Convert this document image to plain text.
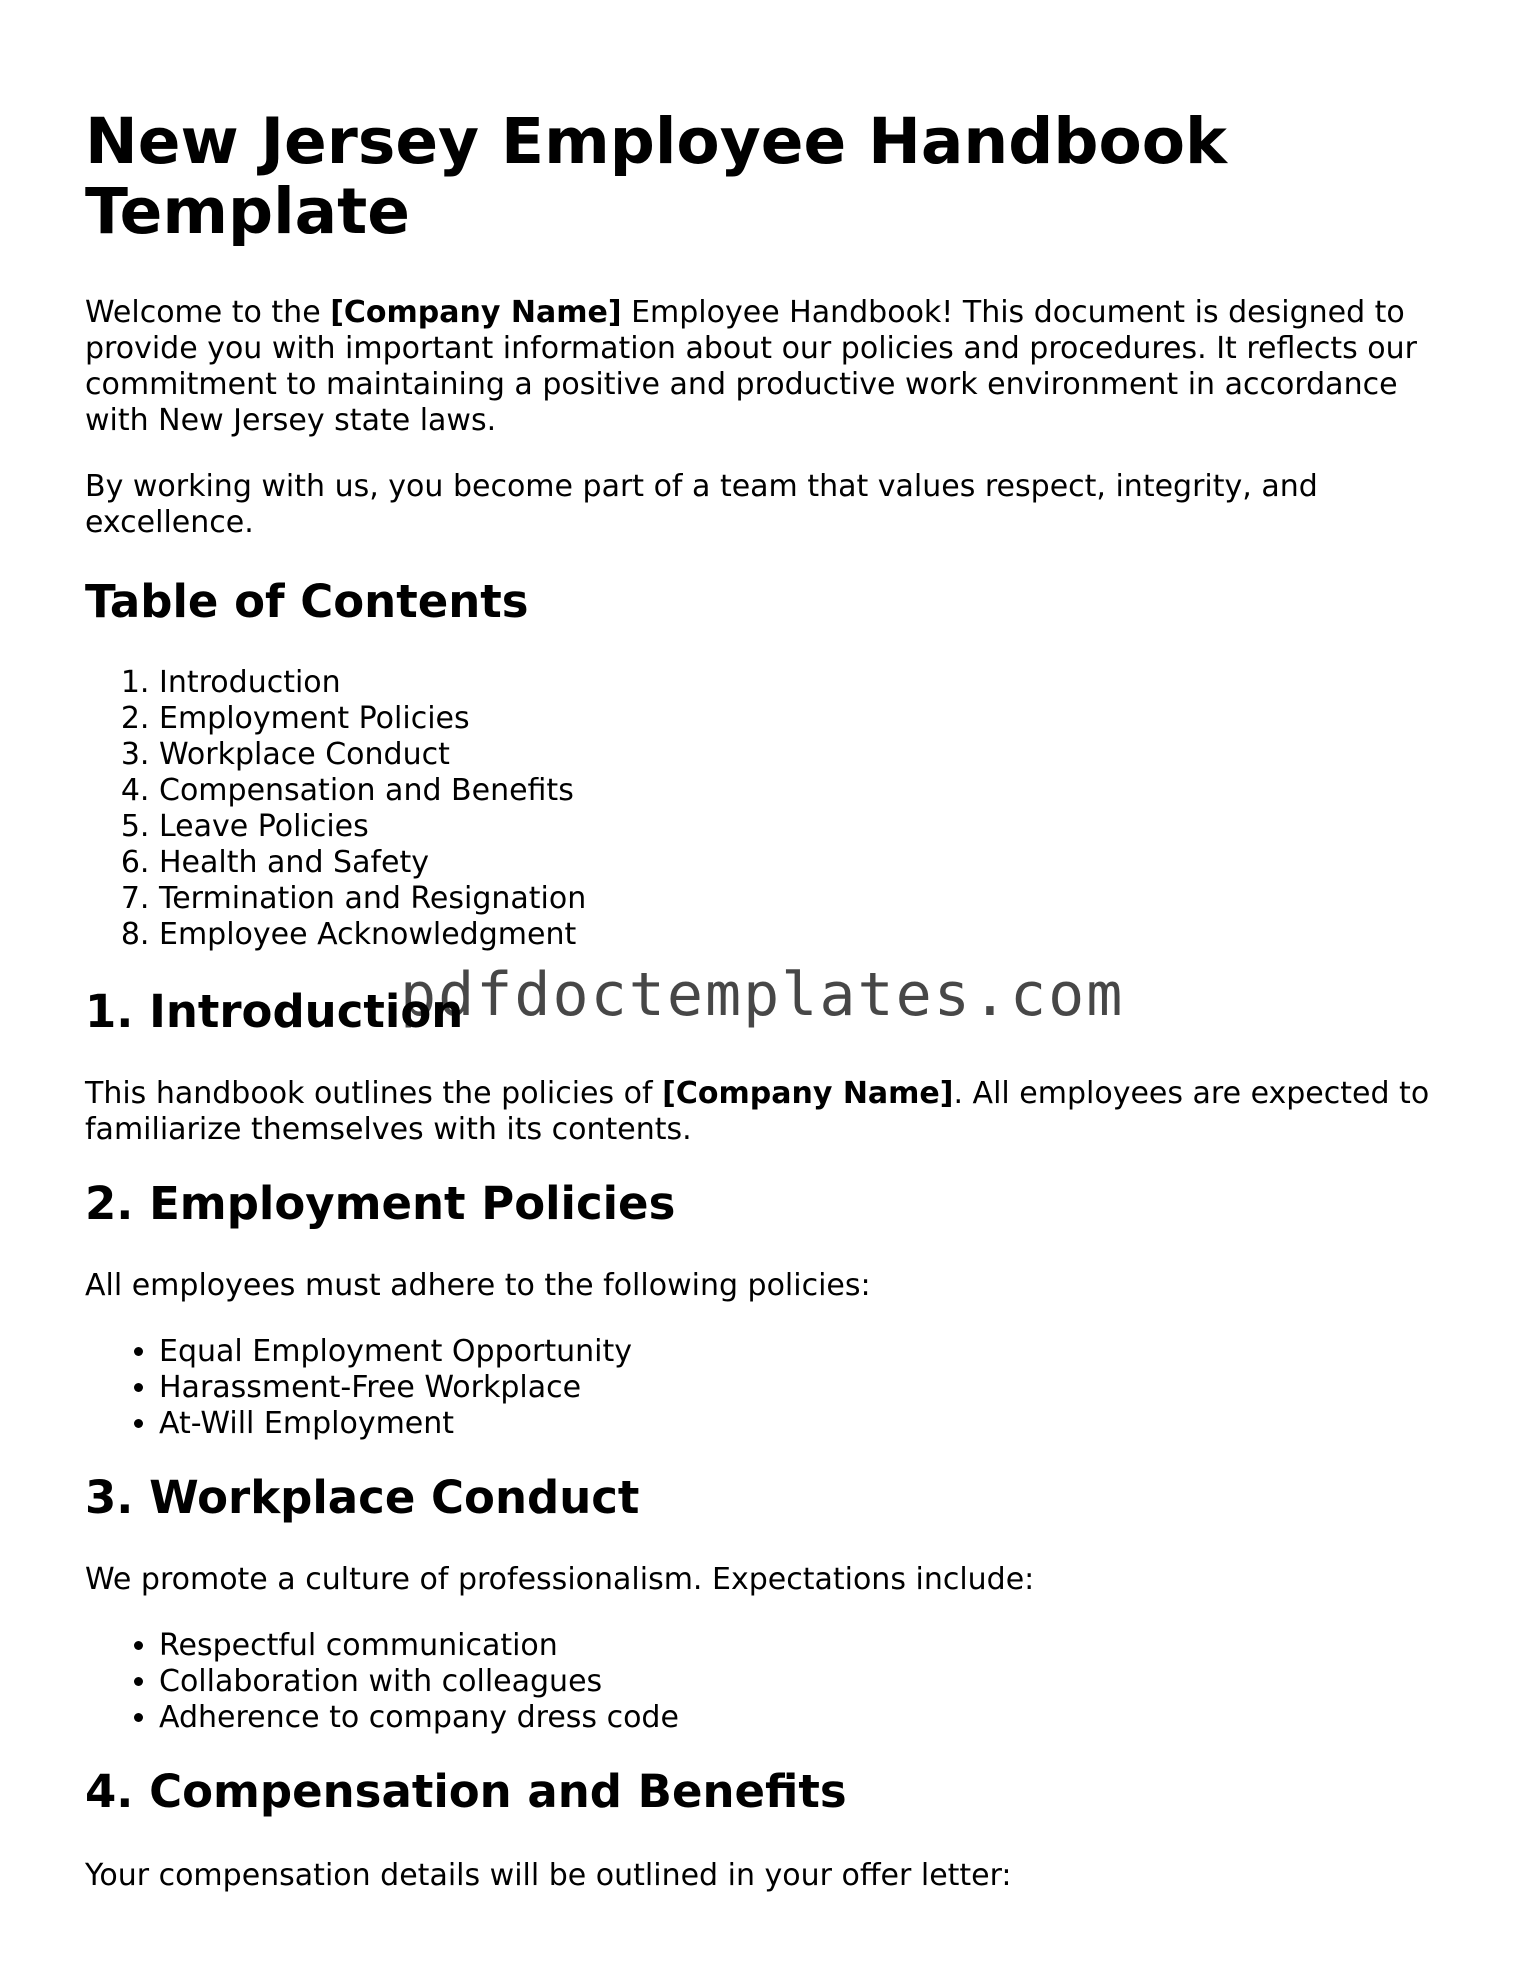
New Jersey Employee Handbook Template

Welcome to the [Company Name] Employee Handbook! This document is designed to provide you with important information about our policies and procedures. It reflects our commitment to maintaining a positive and productive work environment in accordance with New Jersey state laws.

By working with us, you become part of a team that values respect, integrity, and excellence.

Table of Contents
1. Introduction
2. Employment Policies
3. Workplace Conduct
4. Compensation and Benefits
5. Leave Policies
6. Health and Safety
7. Termination and Resignation
8. Employee Acknowledgment
1. Introduction

This handbook outlines the policies of [Company Name]. All employees are expected to familiarize themselves with its contents.

2. Employment Policies

All employees must adhere to the following policies:

• Equal Employment Opportunity
• Harassment-Free Workplace
• At-Will Employment
3. Workplace Conduct

We promote a culture of professionalism. Expectations include:

• Respectful communication
• Collaboration with colleagues
• Adherence to company dress code
4. Compensation and Benefits

Your compensation details will be outlined in your offer letter:

pdfdoctemplates.com
